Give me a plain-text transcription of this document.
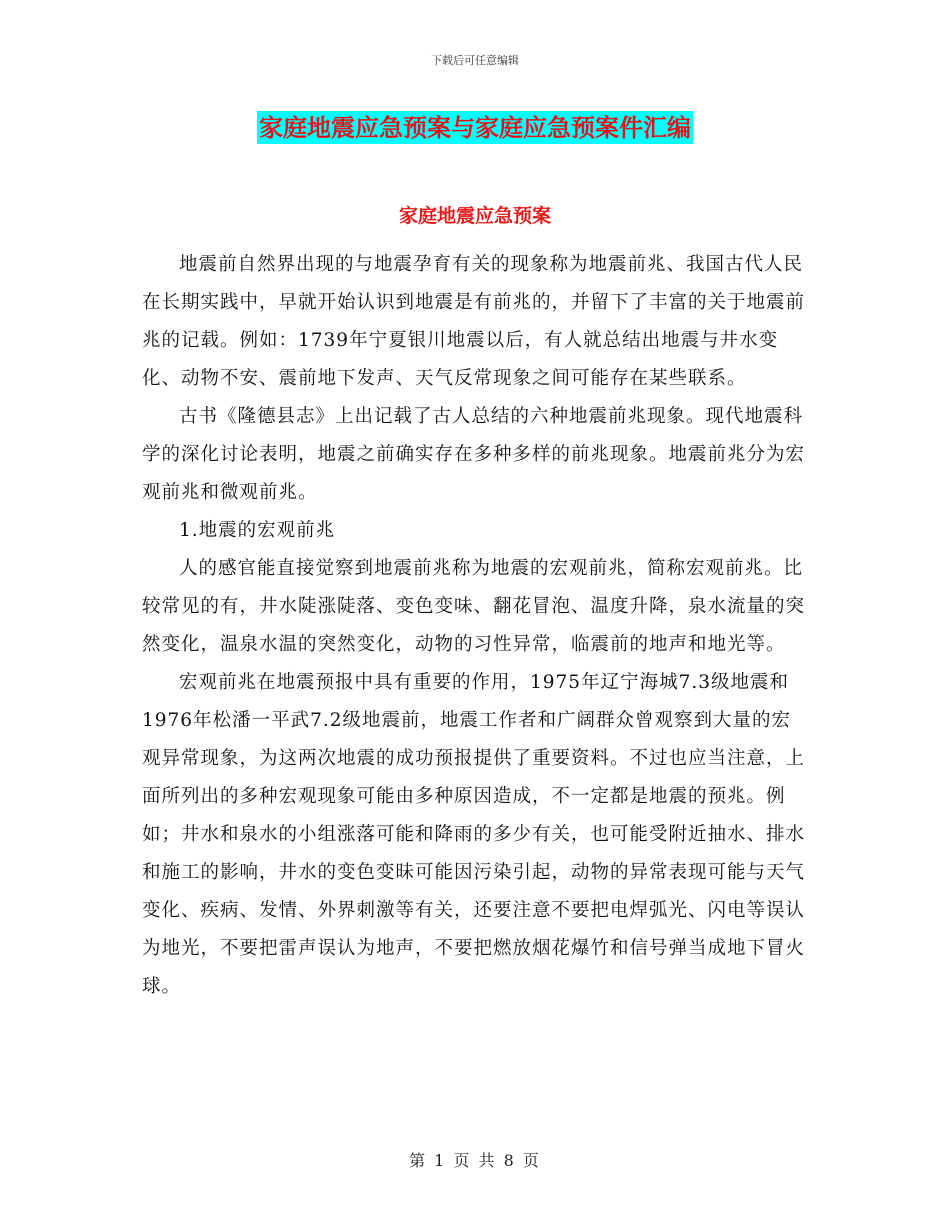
下载后可任意编辑
家庭地震应急预案与家庭应急预案件汇编
家庭地震应急预案

地震前自然界出现的与地震孕育有关的现象称为地震前兆、我国古代人民在长期实践中，早就开始认识到地震是有前兆的，并留下了丰富的关于地震前兆的记载。例如：1739年宁夏银川地震以后，有人就总结出地震与井水变化、动物不安、震前地下发声、天气反常现象之间可能存在某些联系。

古书《隆德县志》上出记载了古人总结的六种地震前兆现象。现代地震科学的深化讨论表明，地震之前确实存在多种多样的前兆现象。地震前兆分为宏观前兆和微观前兆。

1.地震的宏观前兆

人的感官能直接觉察到地震前兆称为地震的宏观前兆，简称宏观前兆。比较常见的有，井水陡涨陡落、变色变味、翻花冒泡、温度升降，泉水流量的突然变化，温泉水温的突然变化，动物的习性异常，临震前的地声和地光等。

宏观前兆在地震预报中具有重要的作用，1975年辽宁海城7.3级地震和1976年松潘一平武7.2级地震前，地震工作者和广阔群众曾观察到大量的宏观异常现象，为这两次地震的成功预报提供了重要资料。不过也应当注意，上面所列出的多种宏观现象可能由多种原因造成，不一定都是地震的预兆。例如；井水和泉水的小组涨落可能和降雨的多少有关，也可能受附近抽水、排水和施工的影响，井水的变色变昧可能因污染引起，动物的异常表现可能与天气变化、疾病、发情、外界刺激等有关，还要注意不要把电焊弧光、闪电等误认为地光，不要把雷声误认为地声，不要把燃放烟花爆竹和信号弹当成地下冒火球。

第 1 页 共 8 页
